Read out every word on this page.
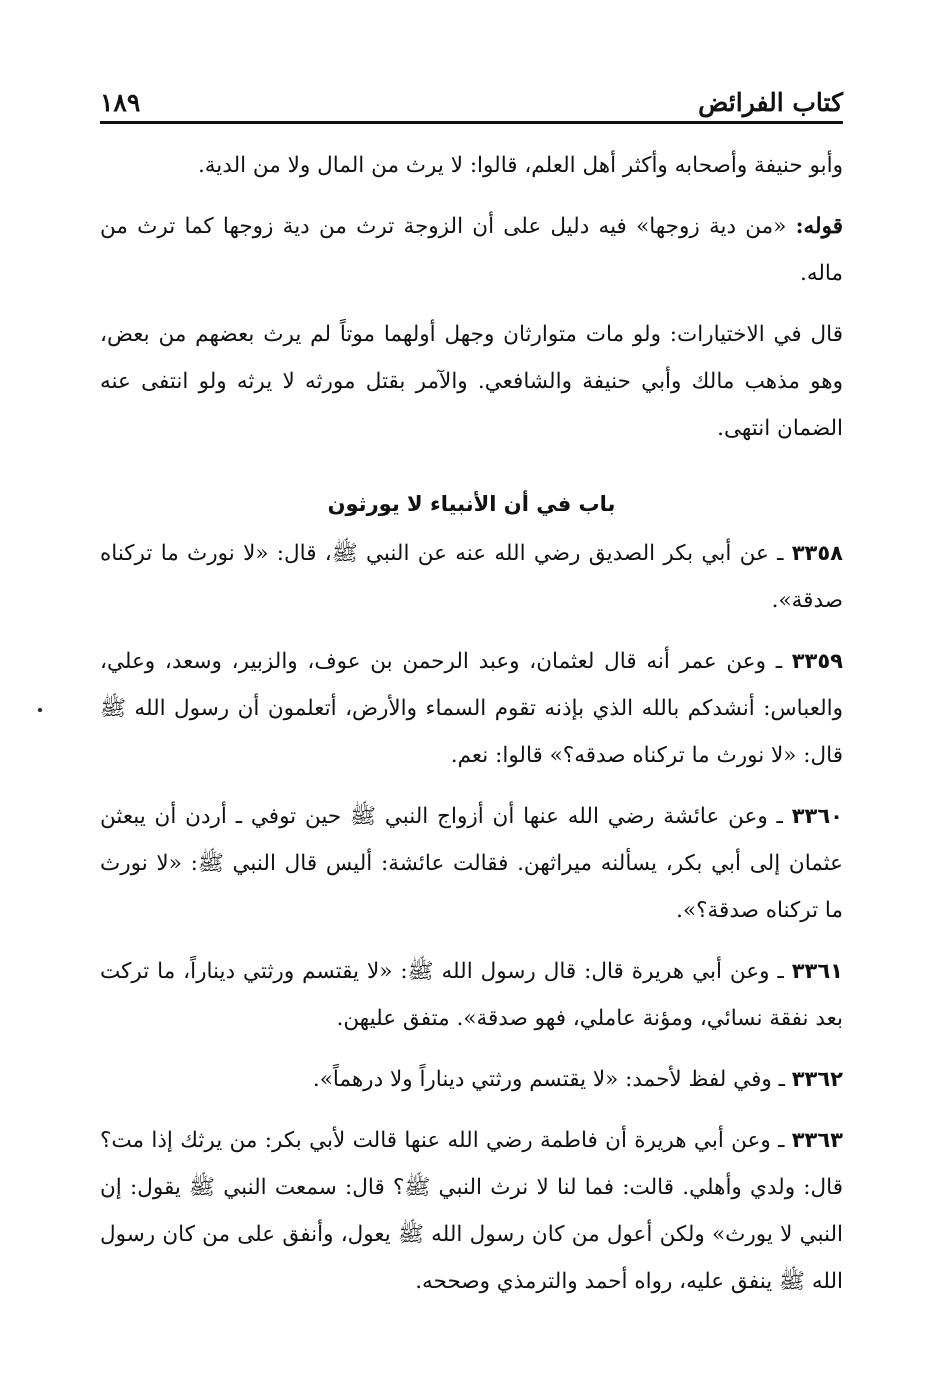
كتاب الفرائض
١٨٩

وأبو حنيفة وأصحابه وأكثر أهل العلم، قالوا: لا يرث من المال ولا من الدية.

قوله: «من دية زوجها» فيه دليل على أن الزوجة ترث من دية زوجها كما ترث من ماله.

قال في الاختيارات: ولو مات متوارثان وجهل أولهما موتاً لم يرث بعضهم من بعض، وهو مذهب مالك وأبي حنيفة والشافعي. والآمر بقتل مورثه لا يرثه ولو انتفى عنه الضمان انتهى.

باب في أن الأنبياء لا يورثون

٣٣٥٨ ـ عن أبي بكر الصديق رضي الله عنه عن النبي ﷺ، قال: «لا نورث ما تركناه صدقة».

٣٣٥٩ ـ وعن عمر أنه قال لعثمان، وعبد الرحمن بن عوف، والزبير، وسعد، وعلي، والعباس: أنشدكم بالله الذي بإذنه تقوم السماء والأرض، أتعلمون أن رسول الله ﷺ قال: «لا نورث ما تركناه صدقه؟» قالوا: نعم.

٣٣٦٠ ـ وعن عائشة رضي الله عنها أن أزواج النبي ﷺ حين توفي ـ أردن أن يبعثن عثمان إلى أبي بكر، يسألنه ميراثهن. فقالت عائشة: أليس قال النبي ﷺ: «لا نورث ما تركناه صدقة؟».

٣٣٦١ ـ وعن أبي هريرة قال: قال رسول الله ﷺ: «لا يقتسم ورثتي ديناراً، ما تركت بعد نفقة نسائي، ومؤنة عاملي، فهو صدقة». متفق عليهن.

٣٣٦٢ ـ وفي لفظ لأحمد: «لا يقتسم ورثتي ديناراً ولا درهماً».

٣٣٦٣ ـ وعن أبي هريرة أن فاطمة رضي الله عنها قالت لأبي بكر: من يرثك إذا مت؟ قال: ولدي وأهلي. قالت: فما لنا لا نرث النبي ﷺ؟ قال: سمعت النبي ﷺ يقول: إن النبي لا يورث» ولكن أعول من كان رسول الله ﷺ يعول، وأنفق على من كان رسول الله ﷺ ينفق عليه، رواه أحمد والترمذي وصححه.
